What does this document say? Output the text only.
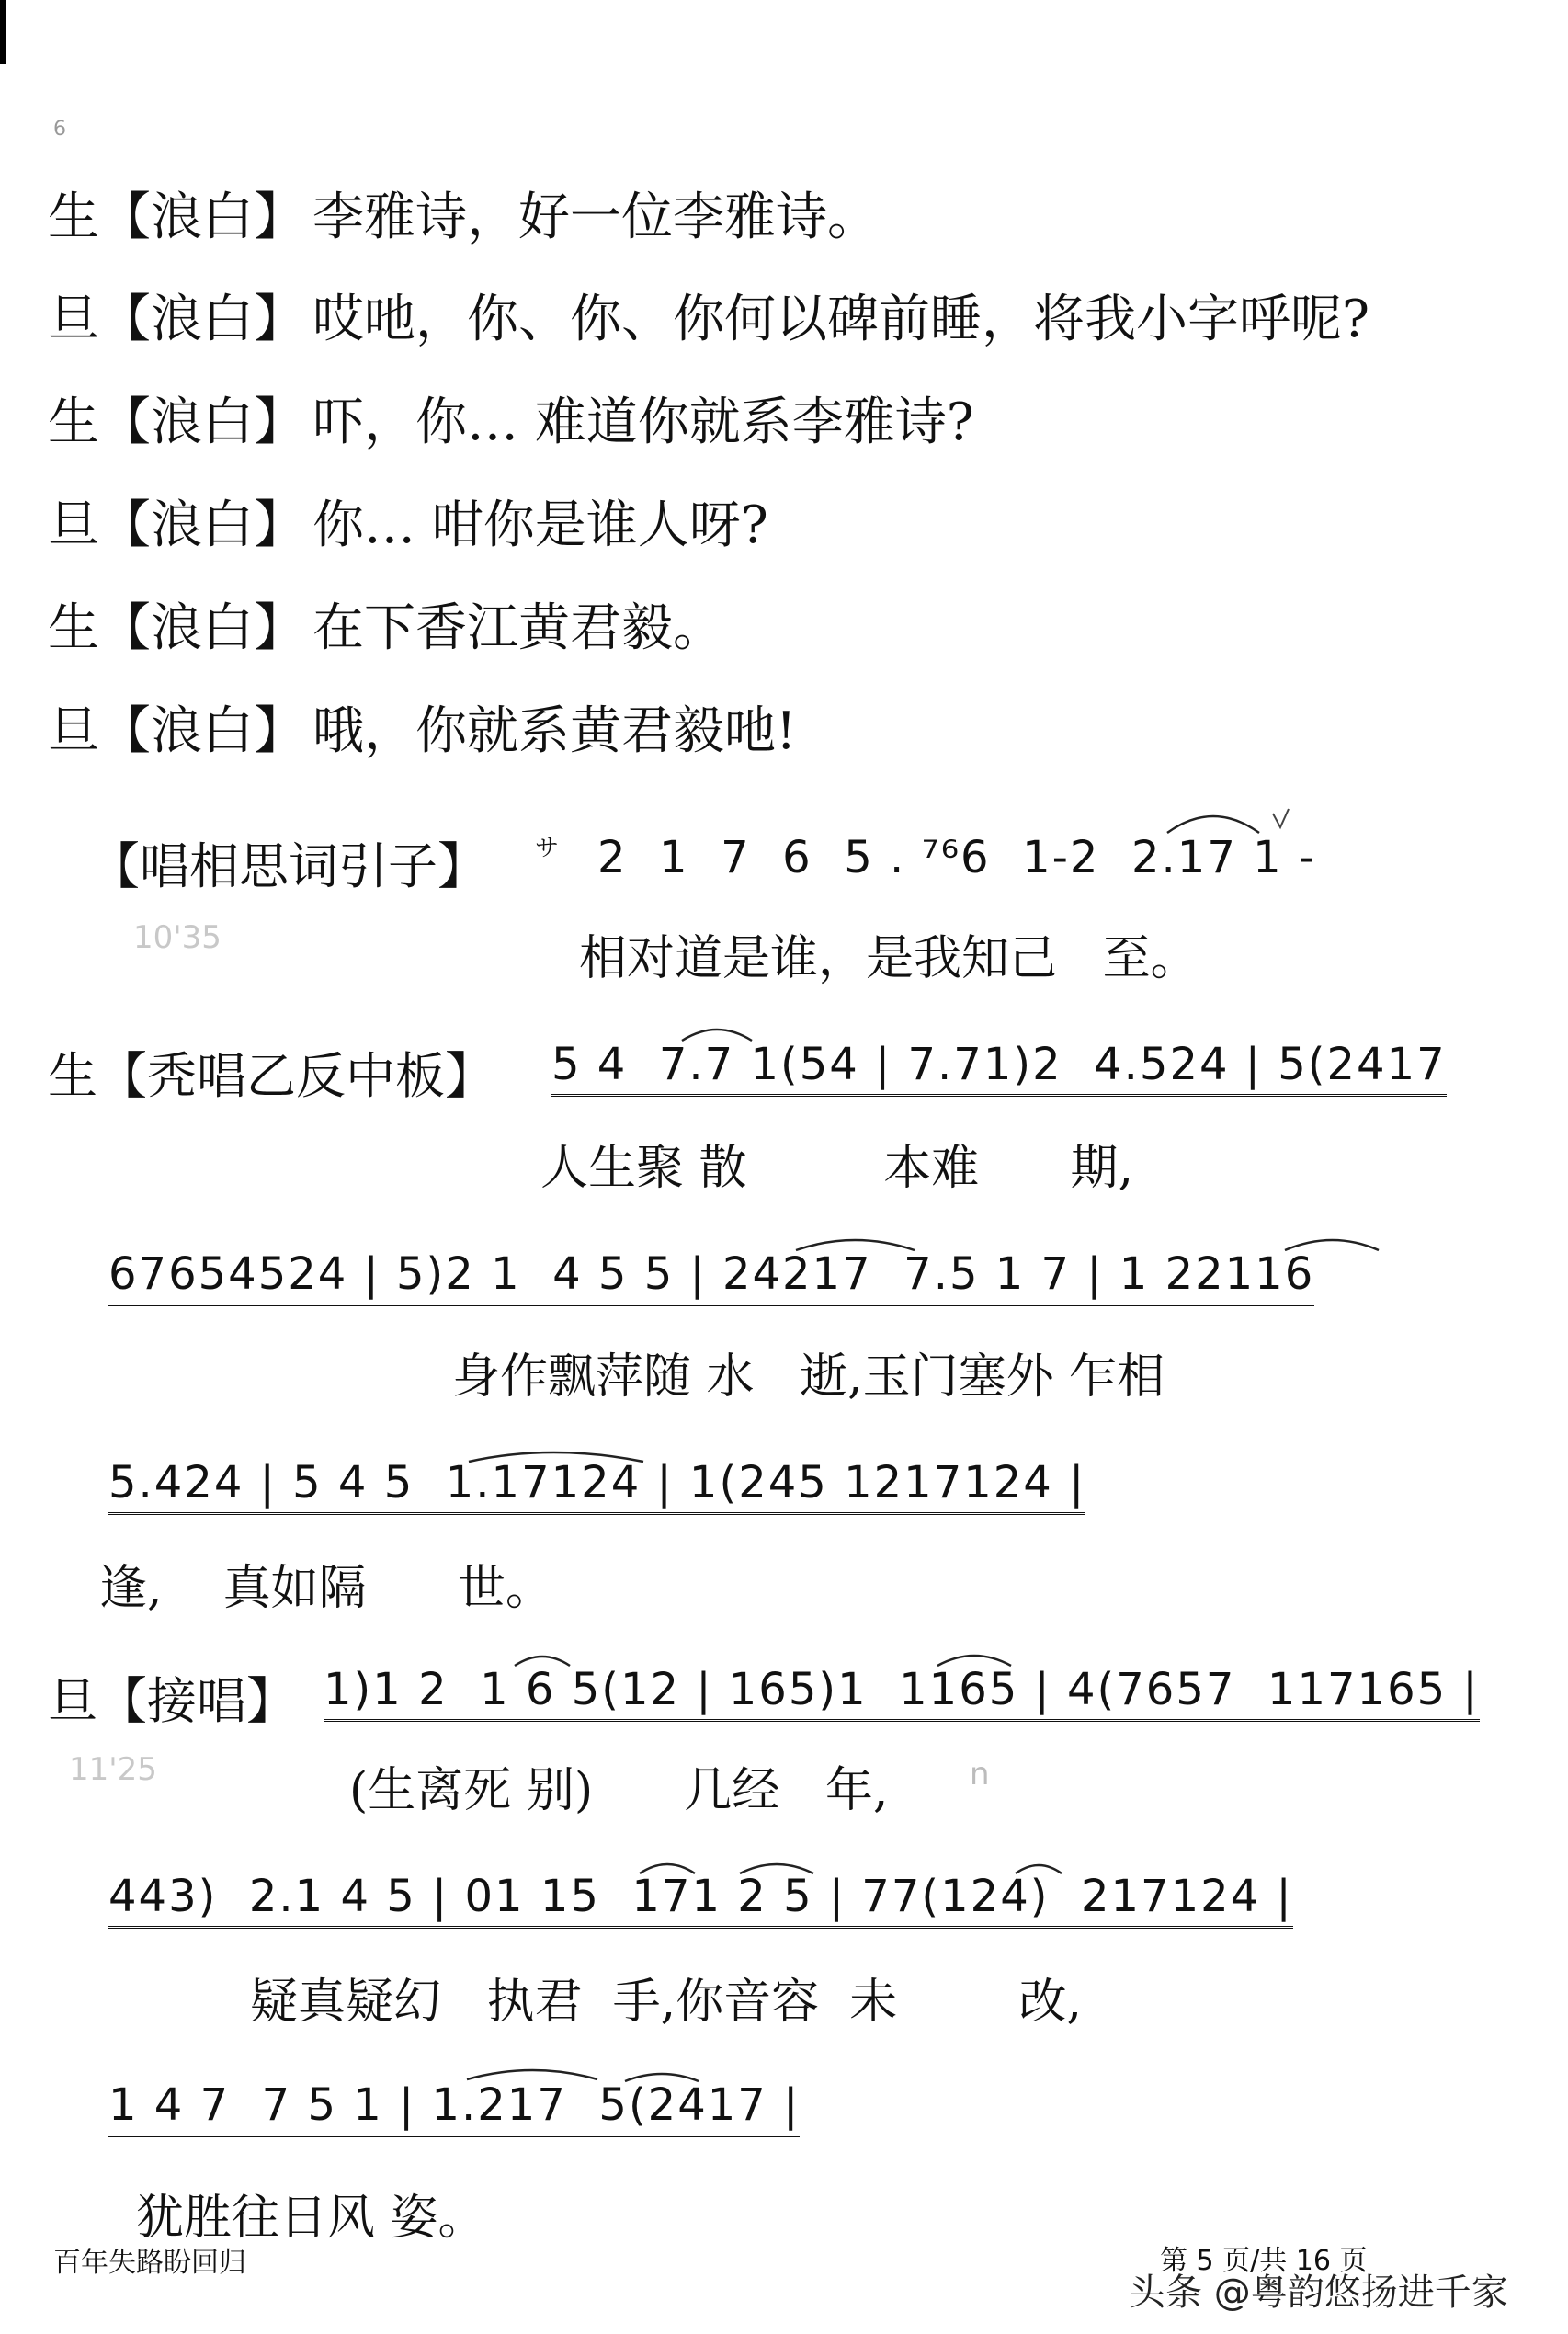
6
生【浪白】 李雅诗，好一位李雅诗。
旦【浪白】 哎吔，你、你、你何以碑前睡，将我小字呼呢?
生【浪白】 吓，你… 难道你就系李雅诗?
旦【浪白】 你… 咁你是谁人呀?
生【浪白】 在下香江黄君毅。
旦【浪白】 哦，你就系黄君毅吔!
【唱相思词引子】 サ 2  1  7  6  5 . ⁷⁶6  1-2  2.17 1 -
10'35	相对道是谁，是我知己   至。
生【秃唱乙反中板】 5 4  7.7 1(54 | 7.71)2  4.524 | 5(2417
人生聚 散         本难      期,
67654524 | 5)2 1  4 5 5 | 24217  7.5 1 7 | 1 22116
身作飘萍随 水   逝,玉门塞外 乍相
5.424 | 5 4 5  1.17124 | 1(245 1217124 |
逢,    真如隔      世。
旦【接唱】 1)1 2  1 6 5(12 | 165)1  1165 | 4(7657  117165 |
11'25	(生离死 别)      几经   年,	n
443)  2.1 4 5 | 01 15  171 2 5 | 77(124)  217124 |
疑真疑幻   执君  手,你音容  未        改,
1 4 7  7 5 1 | 1.217  5(2417 |
犹胜往日风 姿。
百年失路盼回归	第 5 页/共 16 页
头条 @粤韵悠扬进千家
